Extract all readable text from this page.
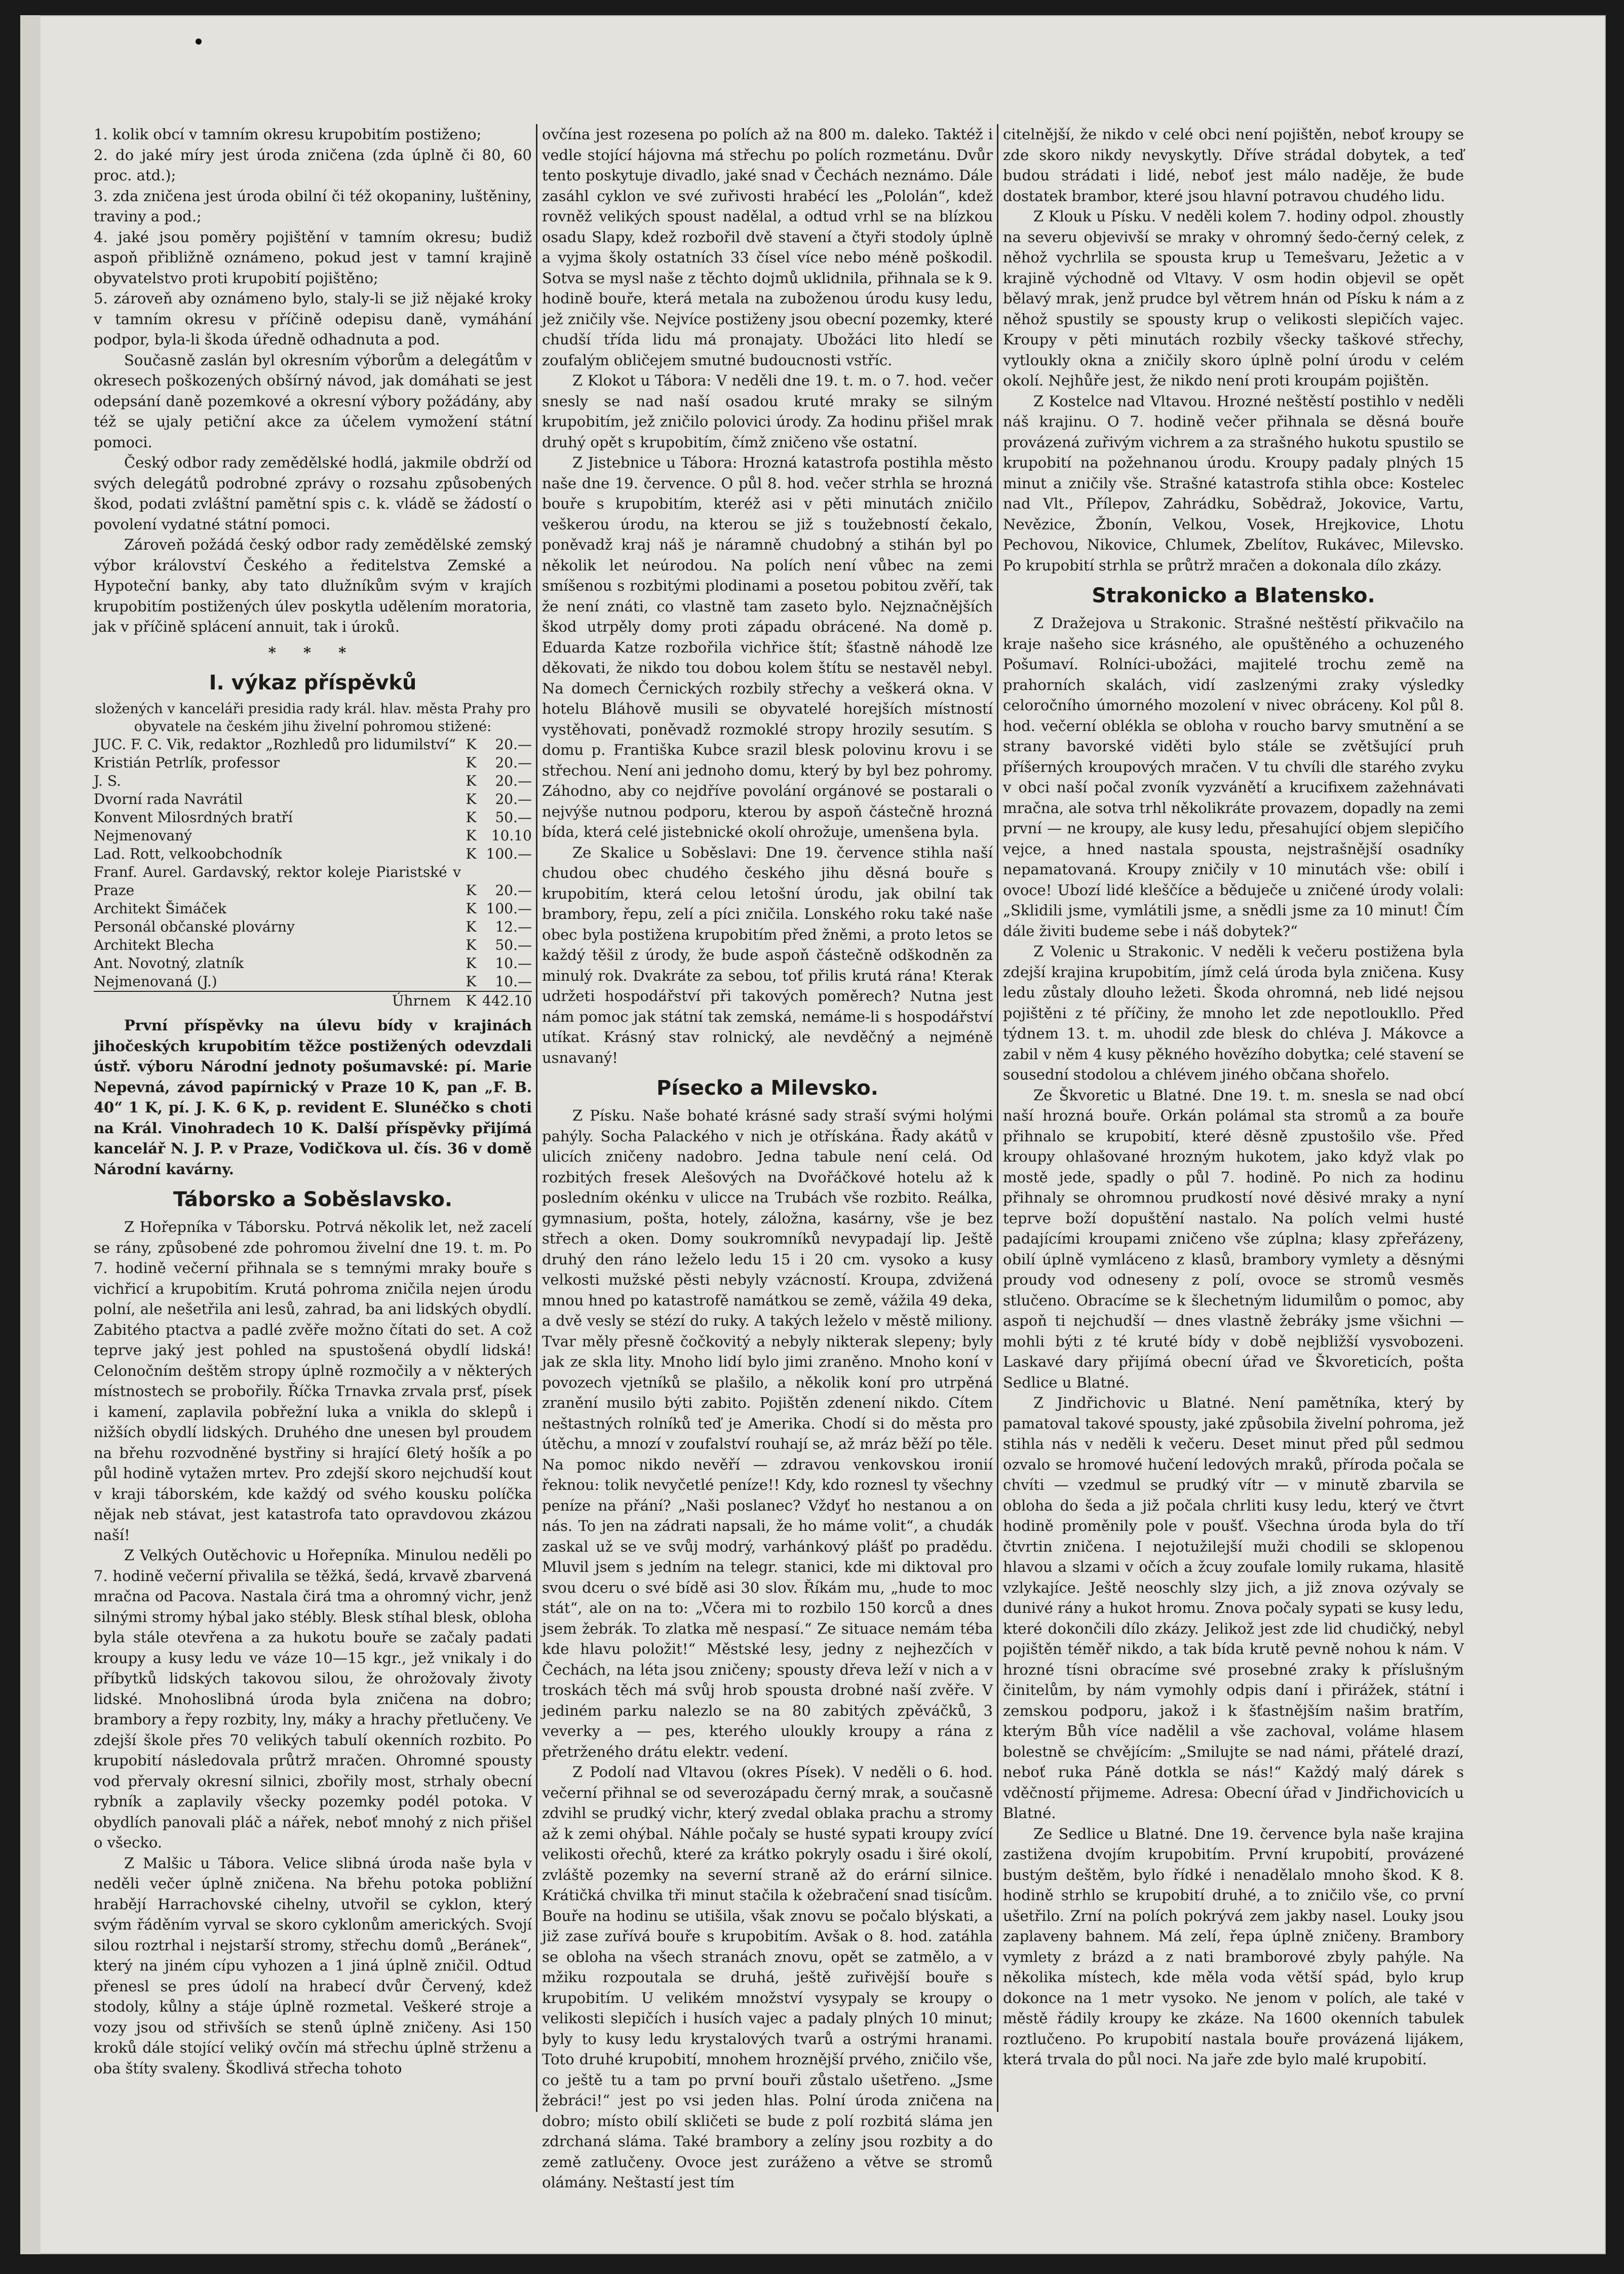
1. kolik obcí v tamním okresu krupobitím postiženo;

2. do jaké míry jest úroda zničena (zda úplně či 80, 60 proc. atd.);

3. zda zničena jest úroda obilní či též okopaniny, luštěniny, traviny a pod.;

4. jaké jsou poměry pojištění v tamním okresu; budiž aspoň přibližně oznámeno, pokud jest v tamní krajině obyvatelstvo proti krupobití pojištěno;

5. zároveň aby oznámeno bylo, staly-li se již nějaké kroky v tamním okresu v příčině odepisu daně, vymáhání podpor, byla-li škoda úředně odhadnuta a pod.

Současně zaslán byl okresním výborům a delegátům v okresech poškozených obšírný návod, jak domáhati se jest odepsání daně pozemkové a okresní výbory požádány, aby též se ujaly petiční akce za účelem vymožení státní pomoci.

Český odbor rady zemědělské hodlá, jakmile obdrží od svých delegátů podrobné zprávy o rozsahu způsobených škod, podati zvláštní pamětní spis c. k. vládě se žádostí o povolení vydatné státní pomoci.

Zároveň požádá český odbor rady zemědělské zemský výbor království Českého a ředitelstva Zemské a Hypoteční banky, aby tato dlužníkům svým v krajích krupobitím postižených úlev poskytla udělením moratoria, jak v příčině splácení annuit, tak i úroků.

* * *
I. výkaz příspěvků
složených v kanceláři presidia rady král. hlav. města Prahy pro obyvatele na českém jihu živelní pohromou stižené:
JUC. F. C. Vik, redaktor „Rozhledů pro lidumilství“	K	20.—
Kristián Petrlík, professor	K	20.—
J. S.	K	20.—
Dvorní rada Navrátil	K	20.—
Konvent Milosrdných bratří	K	50.—
Nejmenovaný	K	10.10
Lad. Rott, velkoobchodník	K	100.—
Franf. Aurel. Gardavský, rektor koleje Piaristské v Praze	K	20.—
Architekt Šimáček	K	100.—
Personál občanské plovárny	K	12.—
Architekt Blecha	K	50.—
Ant. Novotný, zlatník	K	10.—
Nejmenovaná (J.)	K	10.—
Úhrnem	K	442.10

První příspěvky na úlevu bídy v krajinách jihočeských krupobitím těžce postižených odevzdali ústř. výboru Národní jednoty pošumavské: pí. Marie Nepevná, závod papírnický v Praze 10 K, pan „F. B. 40“ 1 K, pí. J. K. 6 K, p. revident E. Slunéčko s choti na Král. Vinohradech 10 K. Další příspěvky přijímá kancelář N. J. P. v Praze, Vodičkova ul. čís. 36 v domě Národní kavárny.

Táborsko a Soběslavsko.

Z Hořepníka v Táborsku. Potrvá několik let, než zacelí se rány, způsobené zde pohromou živelní dne 19. t. m. Po 7. hodině večerní přihnala se s temnými mraky bouře s vichřicí a krupobitím. Krutá pohroma zničila nejen úrodu polní, ale nešetřila ani lesů, zahrad, ba ani lidských obydlí. Zabitého ptactva a padlé zvěře možno čítati do set. A což teprve jaký jest pohled na spustošená obydlí lidská! Celonočním deštěm stropy úplně rozmočily a v některých místnostech se probořily. Říčka Trnavka zrvala prsť, písek i kamení, zaplavila pobřežní luka a vnikla do sklepů i nižších obydlí lidských. Druhého dne unesen byl proudem na břehu rozvodněné bystřiny si hrající 6letý hošík a po půl hodině vytažen mrtev. Pro zdejší skoro nejchudší kout v kraji táborském, kde každý od svého kousku políčka nějak neb stávat, jest katastrofa tato opravdovou zkázou naší!

Z Velkých Outěchovic u Hořepníka. Minulou neděli po 7. hodině večerní přivalila se těžká, šedá, krvavě zbarvená mračna od Pacova. Nastala čirá tma a ohromný vichr, jenž silnými stromy hýbal jako stébly. Blesk stíhal blesk, obloha byla stále otevřena a za hukotu bouře se začaly padati kroupy a kusy ledu ve váze 10—15 kgr., jež vnikaly i do příbytků lidských takovou silou, že ohrožovaly životy lidské. Mnohoslibná úroda byla zničena na dobro; brambory a řepy rozbity, lny, máky a hrachy přetlučeny. Ve zdejší škole přes 70 velikých tabulí okenních rozbito. Po krupobití následovala průtrž mračen. Ohromné spousty vod přervaly okresní silnici, zbořily most, strhaly obecní rybník a zaplavily všecky pozemky podél potoka. V obydlích panovali pláč a nářek, neboť mnohý z nich přišel o všecko.

Z Malšic u Tábora. Velice slibná úroda naše byla v neděli večer úplně zničena. Na břehu potoka pobližní hrabějí Harrachovské cihelny, utvořil se cyklon, který svým řáděním vyrval se skoro cyklonům amerických. Svojí silou roztrhal i nejstarší stromy, střechu domů „Beránek“, který na jiném cípu vyhozen a 1 jiná úplně zničil. Odtud přenesl se pres údolí na hrabecí dvůr Červený, kdež stodoly, kůlny a stáje úplně rozmetal. Veškeré stroje a vozy jsou od střivších se stenů úplně zničeny. Asi 150 kroků dále stojící veliký ovčín má střechu úplně strženu a oba štíty svaleny. Škodlivá střecha tohoto

ovčína jest rozesena po polích až na 800 m. daleko. Taktéž i vedle stojící hájovna má střechu po polích rozmetánu. Dvůr tento poskytuje divadlo, jaké snad v Čechách neznámo. Dále zasáhl cyklon ve své zuřivosti hrabécí les „Pololán“, kdež rovněž velikých spoust nadělal, a odtud vrhl se na blízkou osadu Slapy, kdež rozbořil dvě stavení a čtyři stodoly úplně a vyjma školy ostatních 33 čísel více nebo méně poškodil. Sotva se mysl naše z těchto dojmů uklidnila, přihnala se k 9. hodině bouře, která metala na zuboženou úrodu kusy ledu, jež zničily vše. Nejvíce postiženy jsou obecní pozemky, které chudší třída lidu má pronajaty. Ubožáci lito hledí se zoufalým obličejem smutné budoucnosti vstříc.

Z Klokot u Tábora: V neděli dne 19. t. m. o 7. hod. večer snesly se nad naší osadou kruté mraky se silným krupobitím, jež zničilo polovici úrody. Za hodinu přišel mrak druhý opět s krupobitím, čímž zničeno vše ostatní.

Z Jistebnice u Tábora: Hrozná katastrofa postihla město naše dne 19. července. O půl 8. hod. večer strhla se hrozná bouře s krupobitím, kteréž asi v pěti minutách zničilo veškerou úrodu, na kterou se již s toužebností čekalo, poněvadž kraj náš je náramně chudobný a stihán byl po několik let neúrodou. Na polích není vůbec na zemi smíšenou s rozbitými plodinami a posetou pobitou zvěří, tak že není znáti, co vlastně tam zaseto bylo. Nejznačnějších škod utrpěly domy proti západu obrácené. Na domě p. Eduarda Katze rozbořila vichřice štít; šťastně náhodě lze děkovati, že nikdo tou dobou kolem štítu se nestavěl nebyl. Na domech Černických rozbily střechy a veškerá okna. V hotelu Bláhově musili se obyvatelé horejších místností vystěhovati, poněvadž rozmoklé stropy hrozily sesutím. S domu p. Františka Kubce srazil blesk polovinu krovu i se střechou. Není ani jednoho domu, který by byl bez pohromy. Záhodno, aby co nejdříve povolání orgánové se postarali o nejvýše nutnou podporu, kterou by aspoň částečně hrozná bída, která celé jistebnické okolí ohrožuje, umenšena byla.

Ze Skalice u Soběslavi: Dne 19. července stihla naší chudou obec chudého českého jihu děsná bouře s krupobitím, která celou letošní úrodu, jak obilní tak brambory, řepu, zelí a píci zničila. Lonského roku také naše obec byla postižena krupobitím před žněmi, a proto letos se každý těšil z úrody, že bude aspoň částečně odškodněn za minulý rok. Dvakráte za sebou, toť přilis krutá rána! Kterak udržeti hospodářství při takových poměrech? Nutna jest nám pomoc jak státní tak zemská, nemáme-li s hospodářství utíkat. Krásný stav rolnický, ale nevděčný a nejméně usnavaný!

Písecko a Milevsko.

Z Písku. Naše bohaté krásné sady straší svými holými pahýly. Socha Palackého v nich je otřískána. Řady akátů v ulicích zničeny nadobro. Jedna tabule není celá. Od rozbitých fresek Alešových na Dvořáčkové hotelu až k posledním okénku v ulicce na Trubách vše rozbito. Reálka, gymnasium, pošta, hotely, záložna, kasárny, vše je bez střech a oken. Domy soukromníků nevypadají lip. Ještě druhý den ráno leželo ledu 15 i 20 cm. vysoko a kusy velkosti mužské pěsti nebyly vzácností. Kroupa, zdvižená mnou hned po katastrofě namátkou se země, vážila 49 deka, a dvě vesly se stézí do ruky. A takých leželo v městě miliony. Tvar měly přesně čočkovitý a nebyly nikterak slepeny; byly jak ze skla lity. Mnoho lidí bylo jimi zraněno. Mnoho koní v povozech vjetníků se plašilo, a několik koní pro utrpěná zranění musilo býti zabito. Pojištěn zdenení nikdo. Cítem neštastných rolníků teď je Amerika. Chodí si do města pro útěchu, a mnozí v zoufalství rouhají se, až mráz běží po těle. Na pomoc nikdo nevěří — zdravou venkovskou ironií řeknou: tolik nevyčetlé peníze!! Kdy, kdo roznesl ty všechny peníze na přání? „Naši poslanec? Vždyť ho nestanou a on nás. To jen na zádrati napsali, že ho máme volit“, a chudák zaskal už se ve svůj modrý, varhánkový plášť po pradědu. Mluvil jsem s jedním na telegr. stanici, kde mi diktoval pro svou dceru o své bídě asi 30 slov. Říkám mu, „hude to moc stát“, ale on na to: „Včera mi to rozbilo 150 korců a dnes jsem žebrák. To zlatka mě nespasí.“ Ze situace nemám téba kde hlavu položit!“ Městské lesy, jedny z nejhezčích v Čechách, na léta jsou zničeny; spousty dřeva leží v nich a v troskách těch má svůj hrob spousta drobné naší zvěře. V jediném parku nalezlo se na 80 zabitých zpěváčků, 3 veverky a — pes, kterého uloukly kroupy a rána z přetrženého drátu elektr. vedení.

Z Podolí nad Vltavou (okres Písek). V neděli o 6. hod. večerní přihnal se od severozápadu černý mrak, a současně zdvihl se prudký vichr, který zvedal oblaka prachu a stromy až k zemi ohýbal. Náhle počaly se husté sypati kroupy zvící velikosti ořechů, které za krátko pokryly osadu i širé okolí, zvláště pozemky na severní straně až do erární silnice. Krátičká chvilka tři minut stačila k ožebračení snad tisícům. Bouře na hodinu se utišila, však znovu se počalo blýskati, a již zase zuřívá bouře s krupobitím. Avšak o 8. hod. zatáhla se obloha na všech stranách znovu, opět se zatmělo, a v mžiku rozpoutala se druhá, ještě zuřivější bouře s krupobitím. U velikém množství vysypaly se kroupy o velikosti slepičích i husích vajec a padaly plných 10 minut; byly to kusy ledu krystalových tvarů a ostrými hranami. Toto druhé krupobití, mnohem hroznější prvého, zničilo vše, co ještě tu a tam po první bouři zůstalo ušetřeno. „Jsme žebráci!“ jest po vsi jeden hlas. Polní úroda zničena na dobro; místo obilí skličeti se bude z polí rozbitá sláma jen zdrchaná sláma. Také brambory a zelíny jsou rozbity a do země zatlučeny. Ovoce jest zuráženo a větve se stromů olámány. Neštastí jest tím

citelnější, že nikdo v celé obci není pojištěn, neboť kroupy se zde skoro nikdy nevyskytly. Dříve strádal dobytek, a teď budou strádati i lidé, neboť jest málo naděje, že bude dostatek brambor, které jsou hlavní potravou chudého lidu.

Z Klouk u Písku. V neděli kolem 7. hodiny odpol. zhoustly na severu objevivší se mraky v ohromný šedo-černý celek, z něhož vychrlila se spousta krup u Temešvaru, Ježetic a v krajině východně od Vltavy. V osm hodin objevil se opět bělavý mrak, jenž prudce byl větrem hnán od Písku k nám a z něhož spustily se spousty krup o velikosti slepičích vajec. Kroupy v pěti minutách rozbily všecky taškové střechy, vytloukly okna a zničily skoro úplně polní úrodu v celém okolí. Nejhůře jest, že nikdo není proti kroupám pojištěn.

Z Kostelce nad Vltavou. Hrozné neštěstí postihlo v neděli náš krajinu. O 7. hodině večer přihnala se děsná bouře provázená zuřivým vichrem a za strašného hukotu spustilo se krupobití na požehnanou úrodu. Kroupy padaly plných 15 minut a zničily vše. Strašné katastrofa stihla obce: Kostelec nad Vlt., Přílepov, Zahrádku, Sobědraž, Jokovice, Vartu, Nevězice, Žbonín, Velkou, Vosek, Hrejkovice, Lhotu Pechovou, Nikovice, Chlumek, Zbelítov, Rukávec, Milevsko. Po krupobití strhla se průtrž mračen a dokonala dílo zkázy.

Strakonicko a Blatensko.

Z Dražejova u Strakonic. Strašné neštěstí přikvačilo na kraje našeho sice krásného, ale opuštěného a ochuzeného Pošumaví. Rolníci-ubožáci, majitelé trochu země na prahorních skalách, vidí zaslzenými zraky výsledky celoročního úmorného mozolení v nivec obráceny. Kol půl 8. hod. večerní oblékla se obloha v roucho barvy smutnění a se strany bavorské viděti bylo stále se zvětšující pruh příšerných kroupových mračen. V tu chvíli dle starého zvyku v obci naší počal zvoník vyzvánětí a krucifixem zažehnávati mračna, ale sotva trhl několikráte provazem, dopadly na zemi první — ne kroupy, ale kusy ledu, přesahující objem slepičího vejce, a hned nastala spousta, nejstrašnější osadníky nepamatovaná. Kroupy zničily v 10 minutách vše: obilí i ovoce! Ubozí lidé kleščíce a běduječe u zničené úrody volali: „Sklidili jsme, vymlátili jsme, a snědli jsme za 10 minut! Čím dále živiti budeme sebe i náš dobytek?“

Z Volenic u Strakonic. V neděli k večeru postižena byla zdejší krajina krupobitím, jímž celá úroda byla zničena. Kusy ledu zůstaly dlouho ležeti. Škoda ohromná, neb lidé nejsou pojištěni z té příčiny, že mnoho let zde nepotloukllo. Před týdnem 13. t. m. uhodil zde blesk do chléva J. Mákovce a zabil v něm 4 kusy pěkného hovězího dobytka; celé stavení se sousední stodolou a chlévem jiného občana shořelo.

Ze Škvoretic u Blatné. Dne 19. t. m. snesla se nad obcí naší hrozná bouře. Orkán polámal sta stromů a za bouře přihnalo se krupobití, které děsně zpustošilo vše. Před kroupy ohlašované hrozným hukotem, jako když vlak po mostě jede, spadly o půl 7. hodině. Po nich za hodinu přihnaly se ohromnou prudkostí nové děsivé mraky a nyní teprve boží dopuštění nastalo. Na polích velmi husté padajícími kroupami zničeno vše zúplna; klasy zpřeřázeny, obilí úplně vymláceno z klasů, brambory vymlety a děsnými proudy vod odneseny z polí, ovoce se stromů vesměs stlučeno. Obracíme se k šlechetným lidumilům o pomoc, aby aspoň ti nejchudší — dnes vlastně žebráky jsme všichni — mohli býti z té kruté bídy v době nejbližší vysvobozeni. Laskavé dary přijímá obecní úřad ve Škvoreticích, pošta Sedlice u Blatné.

Z Jindřichovic u Blatné. Není pamětníka, který by pamatoval takové spousty, jaké způsobila živelní pohroma, jež stihla nás v neděli k večeru. Deset minut před půl sedmou ozvalo se hromové hučení ledových mraků, příroda počala se chvíti — vzedmul se prudký vítr — v minutě zbarvila se obloha do šeda a již počala chrliti kusy ledu, který ve čtvrt hodině proměnily pole v poušť. Všechna úroda byla do tří čtvrtin zničena. I nejotužilejší muži chodili se sklopenou hlavou a slzami v očích a žcuy zoufale lomily rukama, hlasitě vzlykajíce. Ještě neoschly slzy jich, a již znova ozývaly se dunivé rány a hukot hromu. Znova počaly sypati se kusy ledu, které dokončili dílo zkázy. Jelikož jest zde lid chudičký, nebyl pojištěn téměř nikdo, a tak bída krutě pevně nohou k nám. V hrozné tísni obracíme své prosebné zraky k příslušným činitelům, by nám vymohly odpis daní i přirážek, státní i zemskou podporu, jakož i k šťastnějším našim bratřím, kterým Bůh více nadělil a vše zachoval, voláme hlasem bolestně se chvějícím: „Smilujte se nad námi, přátelé drazí, neboť ruka Páně dotkla se nás!“ Každý malý dárek s vděčností přijmeme. Adresa: Obecní úřad v Jindřichovicích u Blatné.

Ze Sedlice u Blatné. Dne 19. července byla naše krajina zastižena dvojím krupobitím. První krupobití, provázené bustým deštěm, bylo řídké i nenadělalo mnoho škod. K 8. hodině strhlo se krupobití druhé, a to zničilo vše, co první ušetřilo. Zrní na polích pokrývá zem jakby nasel. Louky jsou zaplaveny bahnem. Má zelí, řepa úplně zničeny. Brambory vymlety z brázd a z nati bramborové zbyly pahýle. Na několika místech, kde měla voda větší spád, bylo krup dokonce na 1 metr vysoko. Ne jenom v polích, ale také v městě řádily kroupy ke zkáze. Na 1600 okenních tabulek roztlučeno. Po krupobití nastala bouře provázená lijákem, která trvala do půl noci. Na jaře zde bylo malé krupobití.
